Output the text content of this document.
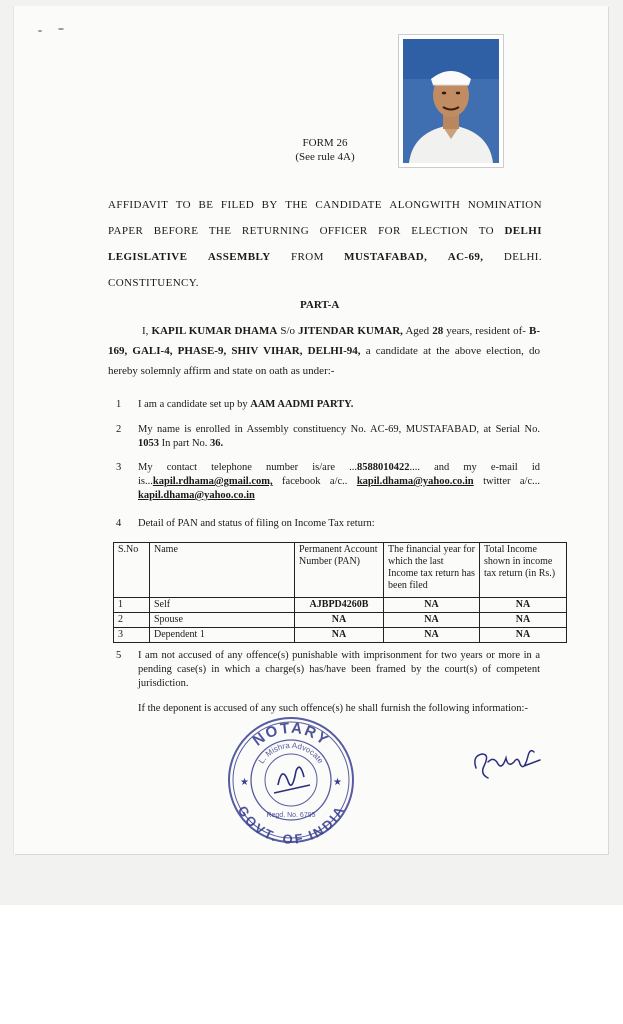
FORM 26
(See rule 4A)

AFFIDAVIT TO BE FILED BY THE CANDIDATE ALONGWITH NOMINATION

PAPER BEFORE THE RETURNING OFFICER FOR ELECTION TO DELHI

LEGISLATIVE ASSEMBLY FROM MUSTAFABAD, AC-69, DELHI.

CONSTITUENCY.

PART-A
I, KAPIL KUMAR DHAMA S/o JITENDAR KUMAR, Aged 28 years, resident of- B-169, GALI-4, PHASE-9, SHIV VIHAR, DELHI-94, a candidate at the above election, do hereby solemnly affirm and state on oath as under:-
1	I am a candidate set up by AAM AADMI PARTY.
2	My name is enrolled in Assembly constituency No. AC-69, MUSTAFABAD, at Serial No. 1053 In part No. 36.
3	My contact telephone number is/are ...8588010422.... and my e-mail id is...kapil.rdhama@gmail.com, facebook a/c.. kapil.dhama@yahoo.co.in twitter a/c... kapil.dhama@yahoo.co.in
4	Detail of PAN and status of filing on Income Tax return:
S.No	Name	Permanent Account Number (PAN)	The financial year for which the last Income tax return has been filed	Total Income shown in income tax return (in Rs.)
1	Self	AJBPD4260B	NA	NA
2	Spouse	NA	NA	NA
3	Dependent 1	NA	NA	NA
5	I am not accused of any offence(s) punishable with imprisonment for two years or more in a pending case(s) in which a charge(s) has/have been framed by the court(s) of competent jurisdiction.
If the deponent is accused of any such offence(s) he shall furnish the following information:-
NOTARY
GOVT. OF INDIA
L. Mishra Advocate
Regd. No. 6795
★	★
